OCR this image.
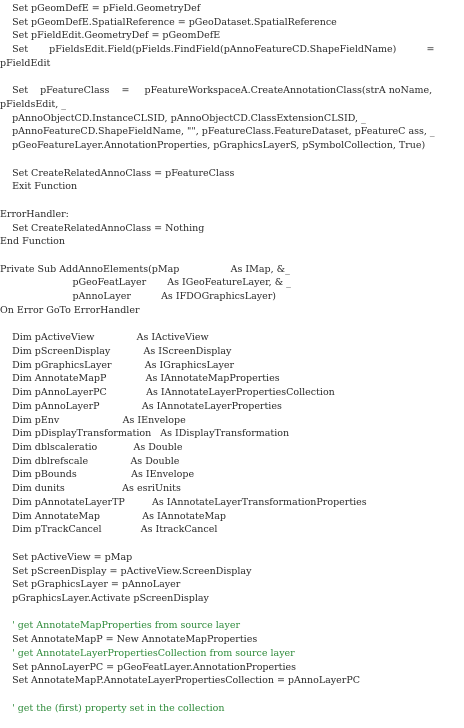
Set pGeomDefE = pField.GeometryDef
Set pGeomDefE.SpatialReference = pGeoDataset.SpatialReference
Set pFieldEdit.GeometryDef = pGeomDefE
Set       pFieldsEdit.Field(pFields.FindField(pAnnoFeatureCD.ShapeFieldName)          =
pFieldEdit
Set    pFeatureClass    =     pFeatureWorkspaceA.CreateAnnotationClass(strA noName,
pFieldsEdit, _
pAnnoObjectCD.InstanceCLSID, pAnnoObjectCD.ClassExtensionCLSID, _
pAnnoFeatureCD.ShapeFieldName, "", pFeatureClass.FeatureDataset, pFeatureC ass, _
pGeoFeatureLayer.AnnotationProperties, pGraphicsLayerS, pSymbolCollection, True)
Set CreateRelatedAnnoClass = pFeatureClass
Exit Function
ErrorHandler:
Set CreateRelatedAnnoClass = Nothing
End Function
Private Sub AddAnnoElements(pMap                 As IMap, &_
pGeoFeatLayer       As IGeoFeatureLayer, & _
pAnnoLayer          As IFDOGraphicsLayer)
On Error GoTo ErrorHandler
Dim pActiveView              As IActiveView
Dim pScreenDisplay           As IScreenDisplay
Dim pGraphicsLayer           As IGraphicsLayer
Dim AnnotateMapP             As IAnnotateMapProperties
Dim pAnnoLayerPC             As IAnnotateLayerPropertiesCollection
Dim pAnnoLayerP              As IAnnotateLayerProperties
Dim pEnv                     As IEnvelope
Dim pDisplayTransformation   As IDisplayTransformation
Dim dblscaleratio            As Double
Dim dblrefscale              As Double
Dim pBounds                  As IEnvelope
Dim dunits                   As esriUnits
Dim pAnnotateLayerTP         As IAnnotateLayerTransformationProperties
Dim AnnotateMap              As IAnnotateMap
Dim pTrackCancel             As ItrackCancel
Set pActiveView = pMap
Set pScreenDisplay = pActiveView.ScreenDisplay
Set pGraphicsLayer = pAnnoLayer
pGraphicsLayer.Activate pScreenDisplay
' get AnnotateMapProperties from source layer
Set AnnotateMapP = New AnnotateMapProperties
' get AnnotateLayerPropertiesCollection from source layer
Set pAnnoLayerPC = pGeoFeatLayer.AnnotationProperties
Set AnnotateMapP.AnnotateLayerPropertiesCollection = pAnnoLayerPC
' get the (first) property set in the collection
